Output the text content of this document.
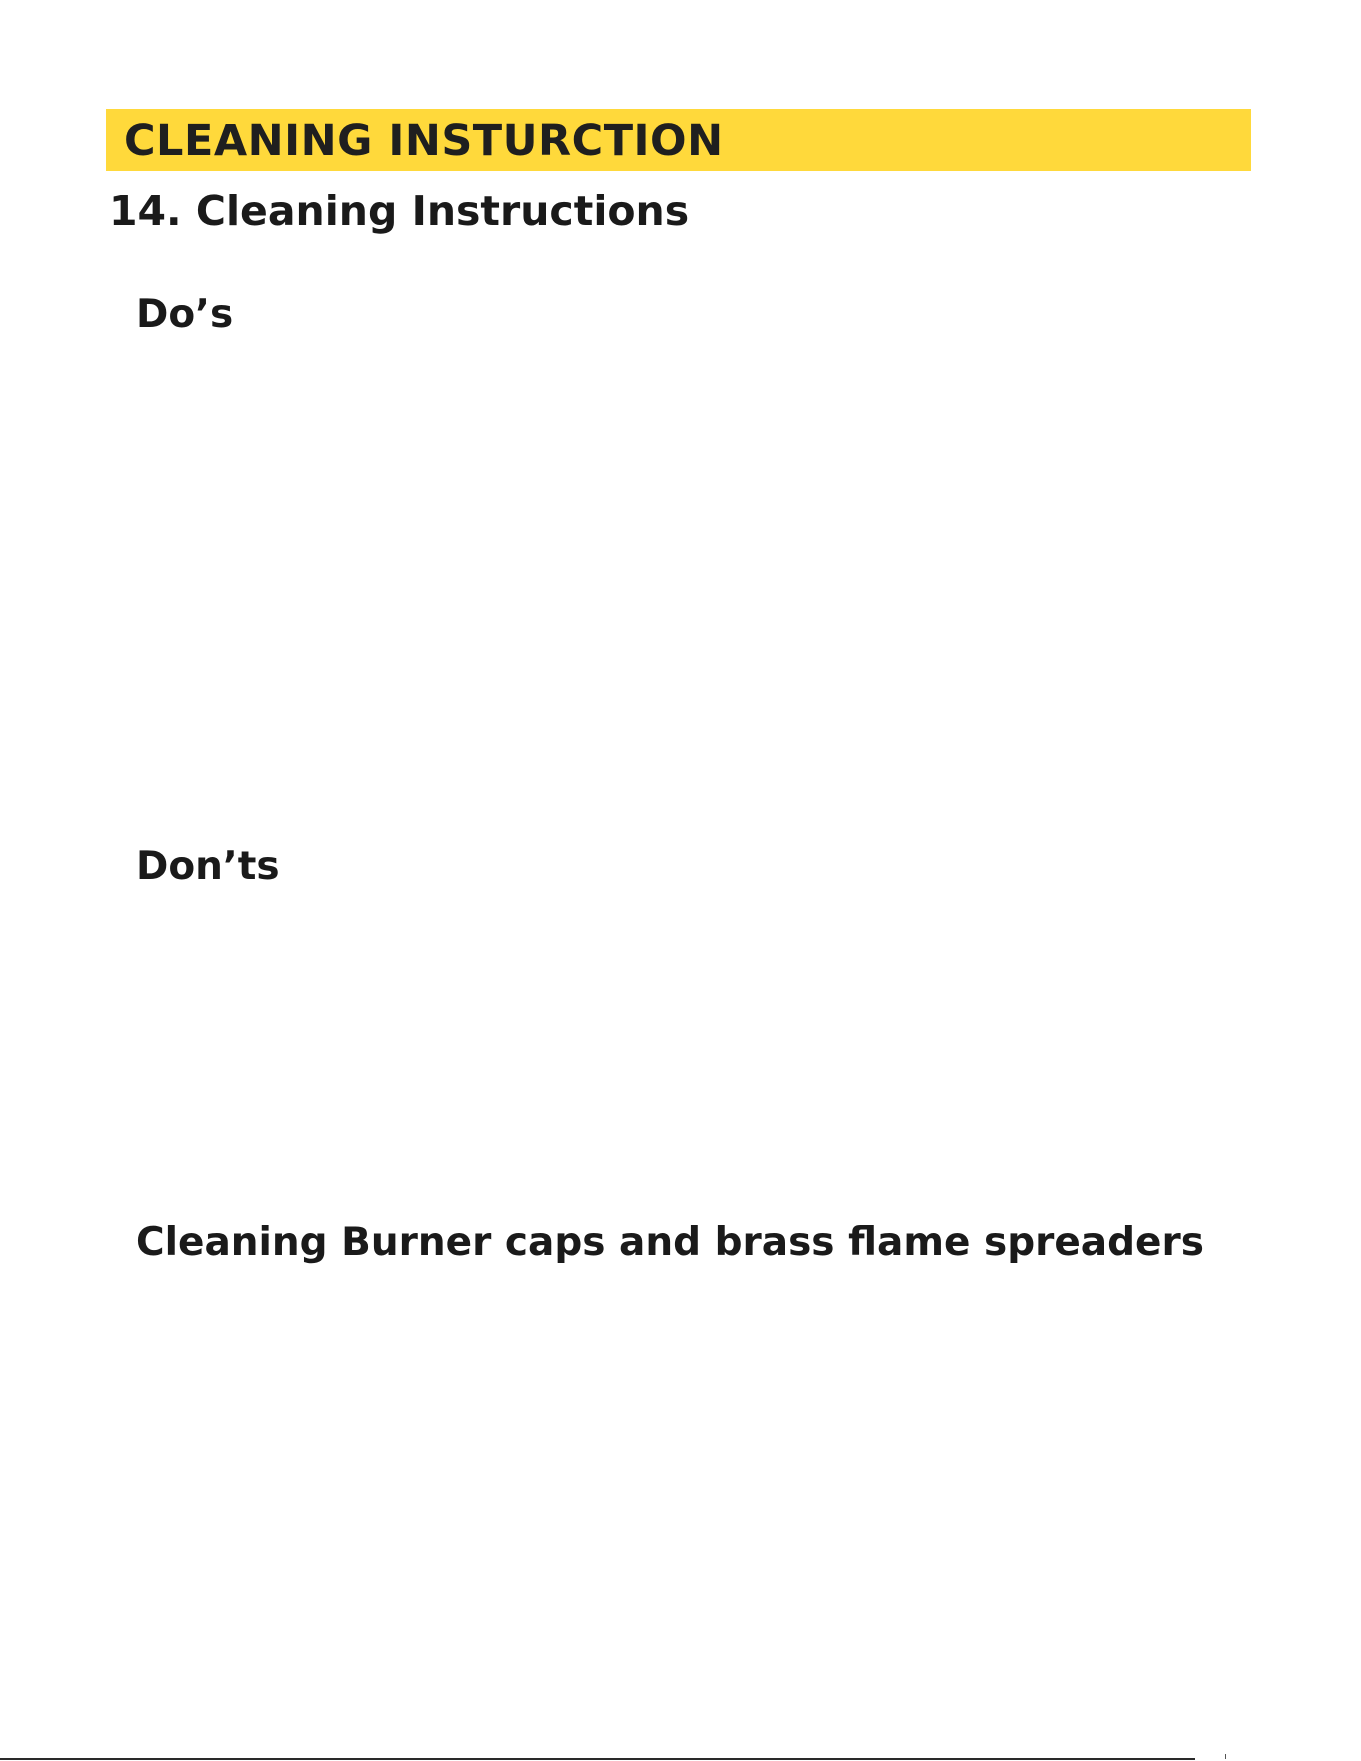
CLEANING INSTURCTION
14. Cleaning Instructions
Do’s
Don’ts
Cleaning Burner caps and brass flame spreaders
